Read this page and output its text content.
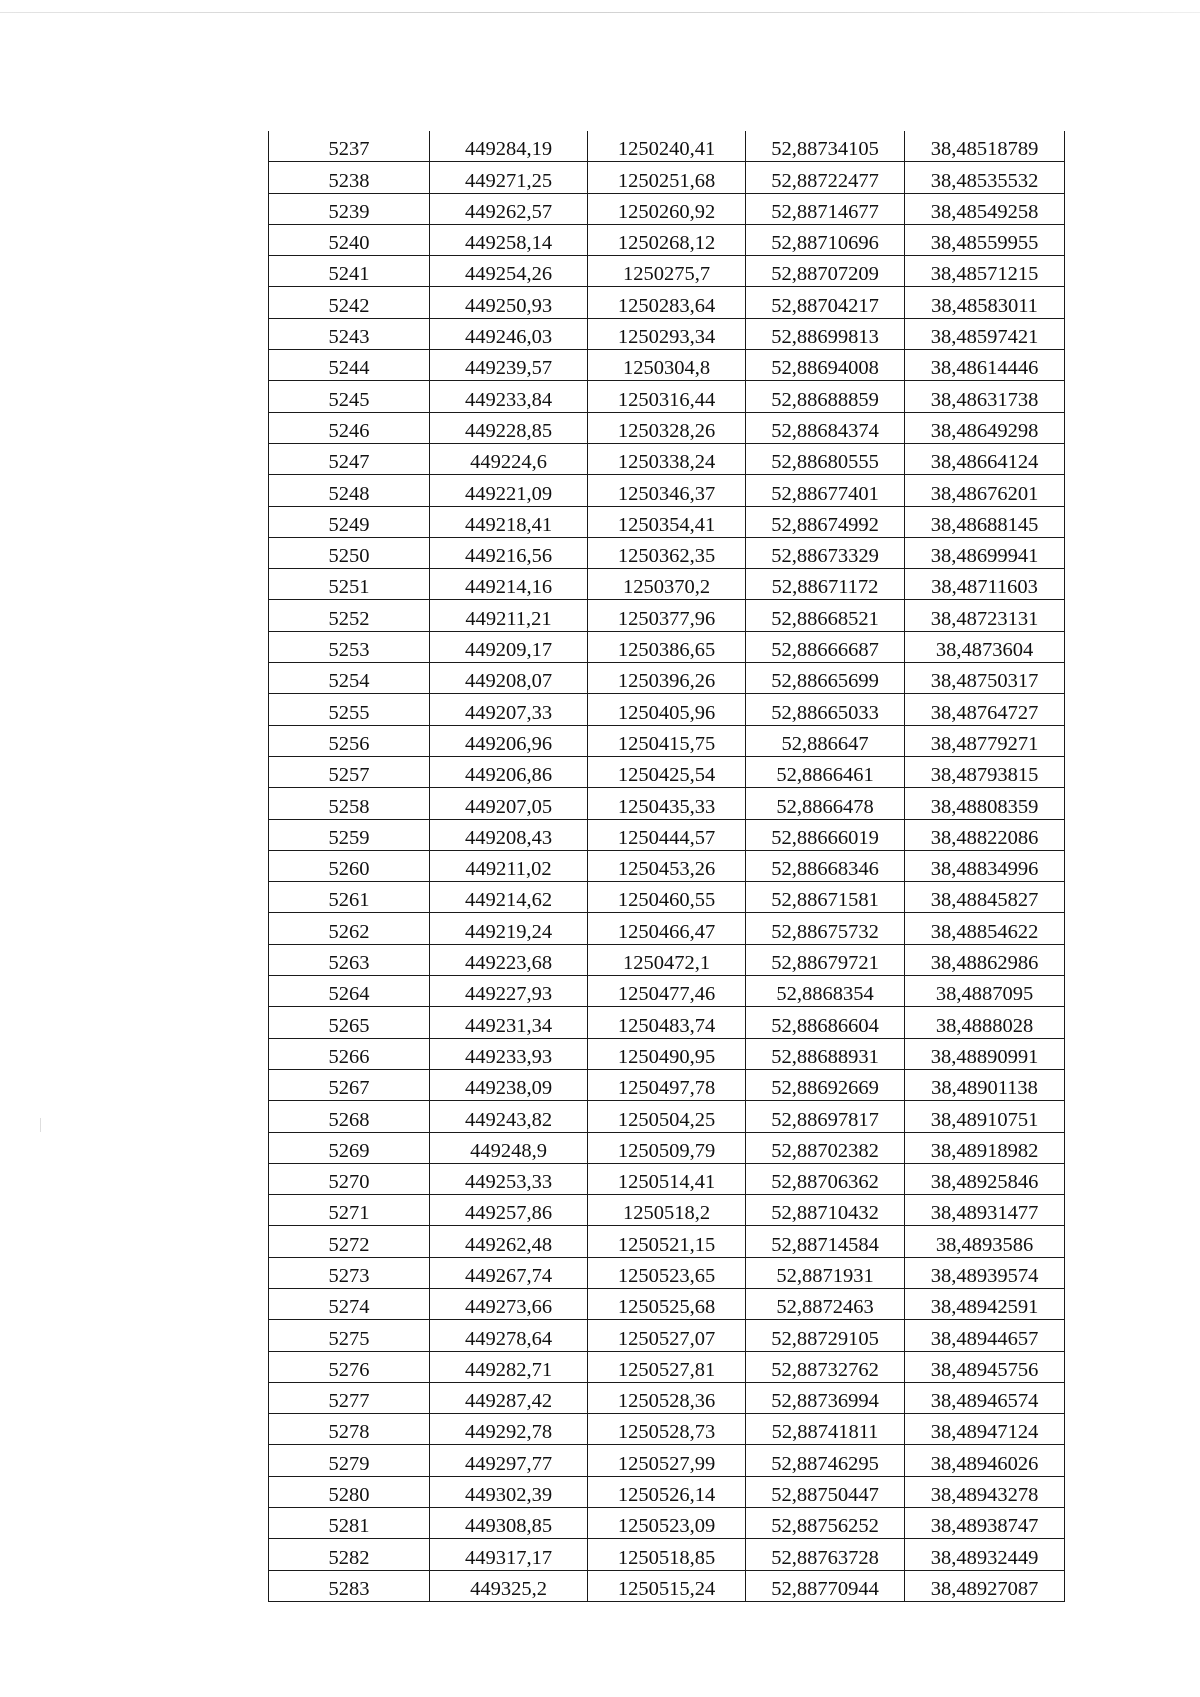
5237	449284,19	1250240,41	52,88734105	38,48518789
5238	449271,25	1250251,68	52,88722477	38,48535532
5239	449262,57	1250260,92	52,88714677	38,48549258
5240	449258,14	1250268,12	52,88710696	38,48559955
5241	449254,26	1250275,7	52,88707209	38,48571215
5242	449250,93	1250283,64	52,88704217	38,48583011
5243	449246,03	1250293,34	52,88699813	38,48597421
5244	449239,57	1250304,8	52,88694008	38,48614446
5245	449233,84	1250316,44	52,88688859	38,48631738
5246	449228,85	1250328,26	52,88684374	38,48649298
5247	449224,6	1250338,24	52,88680555	38,48664124
5248	449221,09	1250346,37	52,88677401	38,48676201
5249	449218,41	1250354,41	52,88674992	38,48688145
5250	449216,56	1250362,35	52,88673329	38,48699941
5251	449214,16	1250370,2	52,88671172	38,48711603
5252	449211,21	1250377,96	52,88668521	38,48723131
5253	449209,17	1250386,65	52,88666687	38,4873604
5254	449208,07	1250396,26	52,88665699	38,48750317
5255	449207,33	1250405,96	52,88665033	38,48764727
5256	449206,96	1250415,75	52,886647	38,48779271
5257	449206,86	1250425,54	52,8866461	38,48793815
5258	449207,05	1250435,33	52,8866478	38,48808359
5259	449208,43	1250444,57	52,88666019	38,48822086
5260	449211,02	1250453,26	52,88668346	38,48834996
5261	449214,62	1250460,55	52,88671581	38,48845827
5262	449219,24	1250466,47	52,88675732	38,48854622
5263	449223,68	1250472,1	52,88679721	38,48862986
5264	449227,93	1250477,46	52,8868354	38,4887095
5265	449231,34	1250483,74	52,88686604	38,4888028
5266	449233,93	1250490,95	52,88688931	38,48890991
5267	449238,09	1250497,78	52,88692669	38,48901138
5268	449243,82	1250504,25	52,88697817	38,48910751
5269	449248,9	1250509,79	52,88702382	38,48918982
5270	449253,33	1250514,41	52,88706362	38,48925846
5271	449257,86	1250518,2	52,88710432	38,48931477
5272	449262,48	1250521,15	52,88714584	38,4893586
5273	449267,74	1250523,65	52,8871931	38,48939574
5274	449273,66	1250525,68	52,8872463	38,48942591
5275	449278,64	1250527,07	52,88729105	38,48944657
5276	449282,71	1250527,81	52,88732762	38,48945756
5277	449287,42	1250528,36	52,88736994	38,48946574
5278	449292,78	1250528,73	52,88741811	38,48947124
5279	449297,77	1250527,99	52,88746295	38,48946026
5280	449302,39	1250526,14	52,88750447	38,48943278
5281	449308,85	1250523,09	52,88756252	38,48938747
5282	449317,17	1250518,85	52,88763728	38,48932449
5283	449325,2	1250515,24	52,88770944	38,48927087
